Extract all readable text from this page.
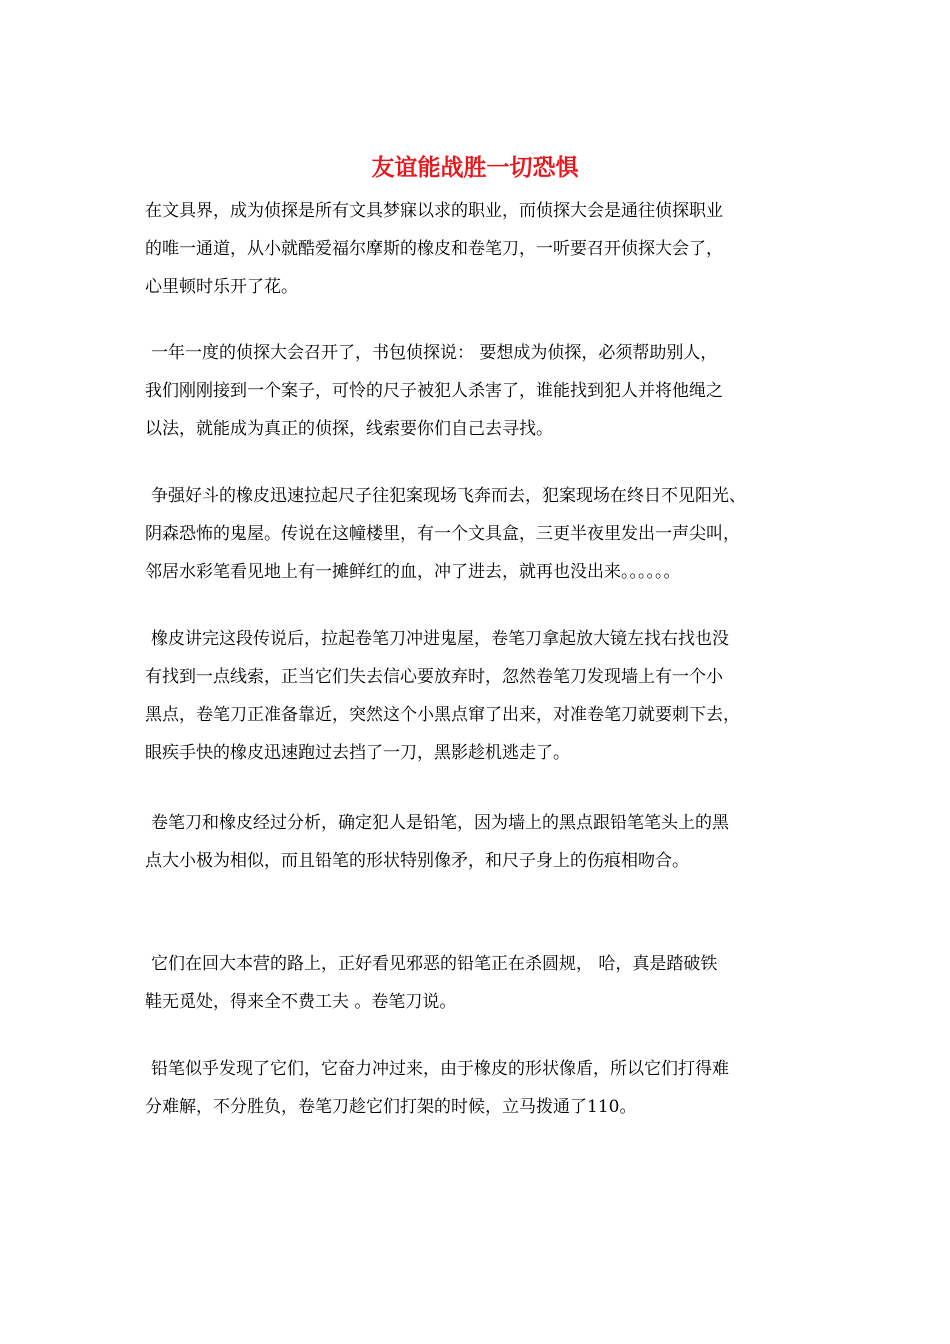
友谊能战胜一切恐惧
在文具界，成为侦探是所有文具梦寐以求的职业，而侦探大会是通往侦探职业
的唯一通道，从小就酷爱福尔摩斯的橡皮和卷笔刀，一听要召开侦探大会了，
心里顿时乐开了花。
一年一度的侦探大会召开了，书包侦探说： 要想成为侦探，必须帮助别人，
我们刚刚接到一个案子，可怜的尺子被犯人杀害了，谁能找到犯人并将他绳之
以法，就能成为真正的侦探，线索要你们自己去寻找。
争强好斗的橡皮迅速拉起尺子往犯案现场飞奔而去，犯案现场在终日不见阳光、
阴森恐怖的鬼屋。传说在这幢楼里，有一个文具盒，三更半夜里发出一声尖叫，
邻居水彩笔看见地上有一摊鲜红的血，冲了进去，就再也没出来。。。。。。
橡皮讲完这段传说后，拉起卷笔刀冲进鬼屋，卷笔刀拿起放大镜左找右找也没
有找到一点线索，正当它们失去信心要放弃时，忽然卷笔刀发现墙上有一个小
黑点，卷笔刀正准备靠近，突然这个小黑点窜了出来，对准卷笔刀就要刺下去，
眼疾手快的橡皮迅速跑过去挡了一刀，黑影趁机逃走了。
卷笔刀和橡皮经过分析，确定犯人是铅笔，因为墙上的黑点跟铅笔笔头上的黑
点大小极为相似，而且铅笔的形状特别像矛，和尺子身上的伤痕相吻合。
它们在回大本营的路上，正好看见邪恶的铅笔正在杀圆规， 哈，真是踏破铁
鞋无觅处，得来全不费工夫 。卷笔刀说。
铅笔似乎发现了它们，它奋力冲过来，由于橡皮的形状像盾，所以它们打得难
分难解，不分胜负，卷笔刀趁它们打架的时候，立马拨通了110。
